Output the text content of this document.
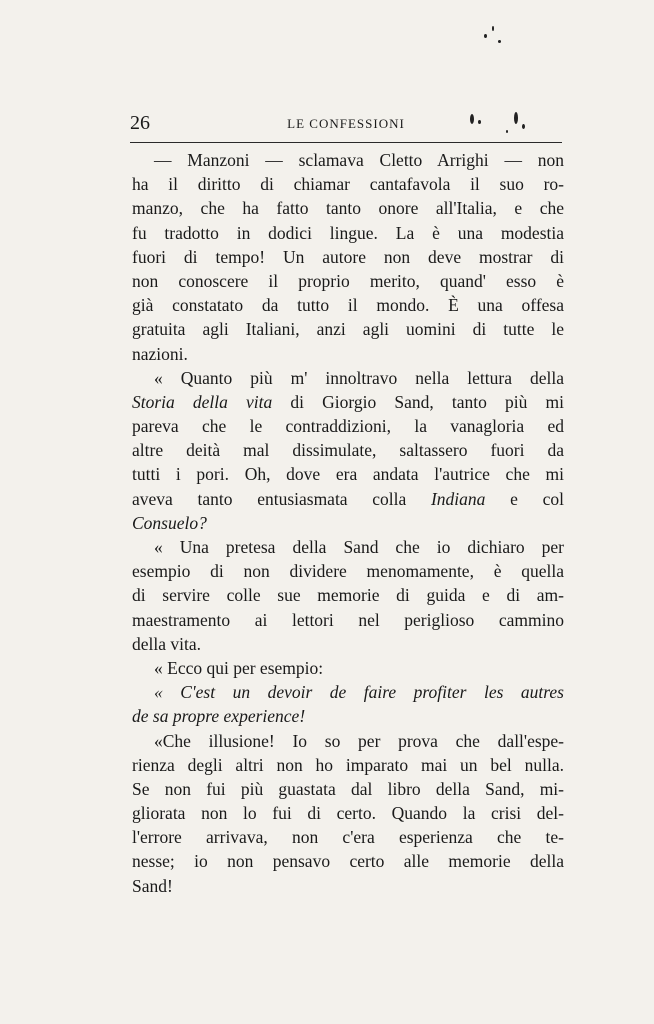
26	LE CONFESSIONI
— Manzoni — sclamava Cletto Arrighi — non
ha il diritto di chiamar cantafavola il suo ro-
manzo, che ha fatto tanto onore all'Italia, e che
fu tradotto in dodici lingue. La è una modestia
fuori di tempo! Un autore non deve mostrar di
non conoscere il proprio merito, quand' esso è
già constatato da tutto il mondo. È una offesa
gratuita agli Italiani, anzi agli uomini di tutte le
nazioni.
« Quanto più m' innoltravo nella lettura della
Storia della vita di Giorgio Sand, tanto più mi
pareva che le contraddizioni, la vanagloria ed
altre deità mal dissimulate, saltassero fuori da
tutti i pori. Oh, dove era andata l'autrice che mi
aveva tanto entusiasmata colla Indiana e col
Consuelo?
« Una pretesa della Sand che io dichiaro per
esempio di non dividere menomamente, è quella
di servire colle sue memorie di guida e di am-
maestramento ai lettori nel periglioso cammino
della vita.
« Ecco qui per esempio:
« C'est un devoir de faire profiter les autres
de sa propre experience!
«Che illusione! Io so per prova che dall'espe-
rienza degli altri non ho imparato mai un bel nulla.
Se non fui più guastata dal libro della Sand, mi-
gliorata non lo fui di certo. Quando la crisi del-
l'errore arrivava, non c'era esperienza che te-
nesse; io non pensavo certo alle memorie della
Sand!
